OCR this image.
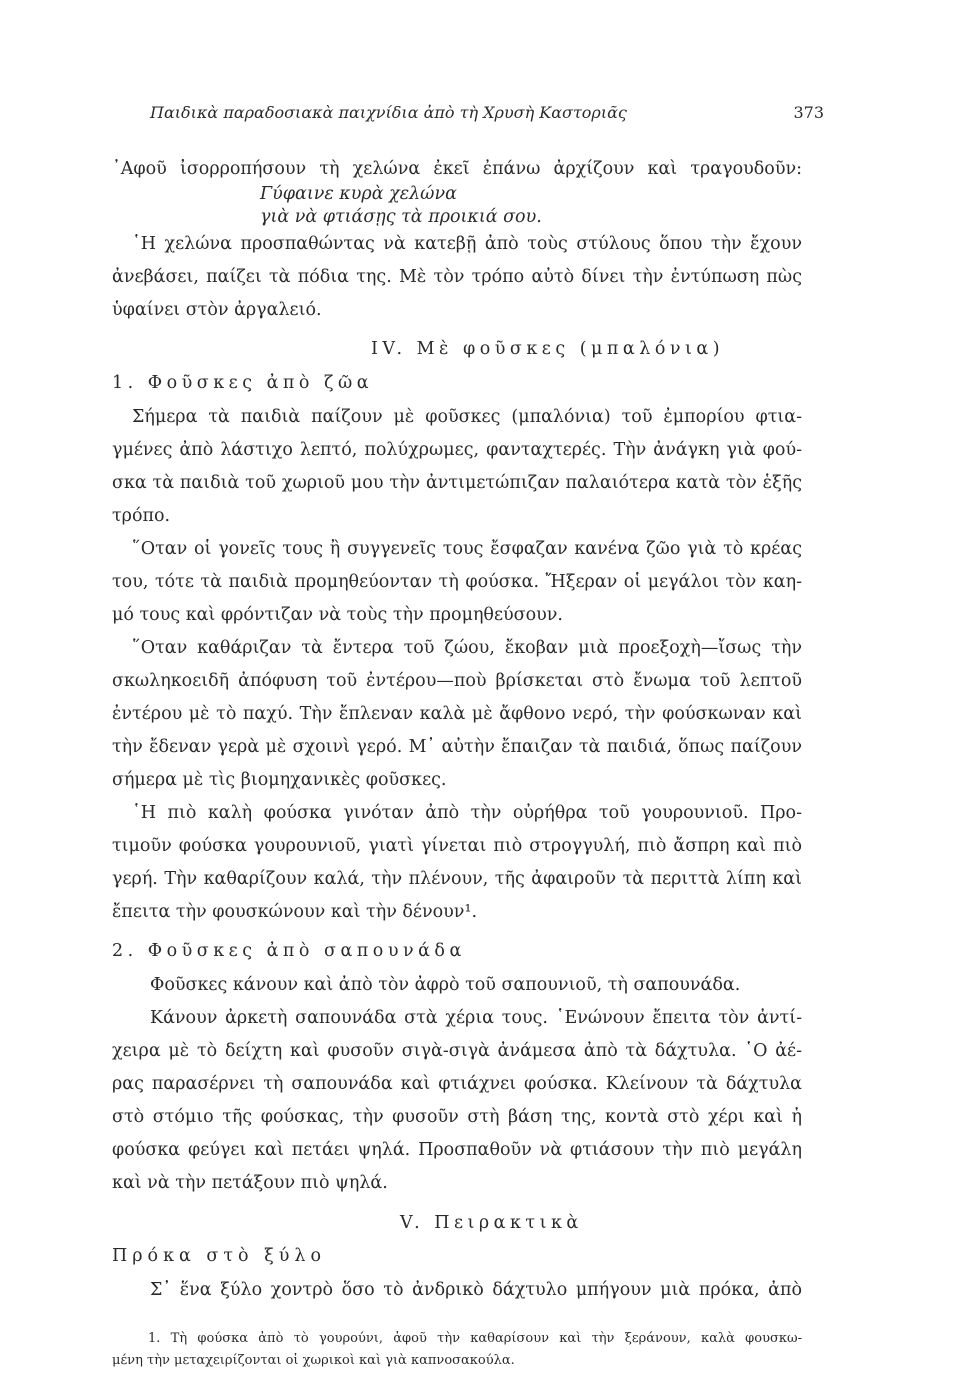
Παιδικὰ παραδοσιακὰ παιχνίδια ἀπὸ τὴ Χρυσὴ Καστοριᾶς	373
᾿Αφοῦ ἰσορροπήσουν τὴ χελώνα ἐκεῖ ἐπάνω ἀρχίζουν καὶ τραγουδοῦν:
Γύφαινε κυρὰ χελώνα
γιὰ νὰ φτιάσῃς τὰ προικιά σου.
῾Η χελώνα προσπαθώντας νὰ κατεβῇ ἀπὸ τοὺς στύλους ὅπου τὴν ἔχουν
ἀνεβάσει, παίζει τὰ πόδια της. Μὲ τὸν τρόπο αὐτὸ δίνει τὴν ἐντύπωση πὼς
ὑφαίνει στὸν ἀργαλειό.
IV. Μὲ φοῦσκες (μπαλόνια)
1. Φοῦσκες ἀπὸ ζῶα
Σήμερα τὰ παιδιὰ παίζουν μὲ φοῦσκες (μπαλόνια) τοῦ ἐμπορίου φτια-
γμένες ἀπὸ λάστιχο λεπτό, πολύχρωμες, φανταχτερές. Τὴν ἀνάγκη γιὰ φού-
σκα τὰ παιδιὰ τοῦ χωριοῦ μου τὴν ἀντιμετώπιζαν παλαιότερα κατὰ τὸν ἑξῆς
τρόπο.
῞Οταν οἱ γονεῖς τους ἢ συγγενεῖς τους ἔσφαζαν κανένα ζῶο γιὰ τὸ κρέας
του, τότε τὰ παιδιὰ προμηθεύονταν τὴ φούσκα. Ἤξεραν οἱ μεγάλοι τὸν καη-
μό τους καὶ φρόντιζαν νὰ τοὺς τὴν προμηθεύσουν.
῞Οταν καθάριζαν τὰ ἔντερα τοῦ ζώου, ἔκοβαν μιὰ προεξοχὴ—ἴσως τὴν
σκωληκοειδῆ ἀπόφυση τοῦ ἐντέρου—ποὺ βρίσκεται στὸ ἔνωμα τοῦ λεπτοῦ
ἐντέρου μὲ τὸ παχύ. Τὴν ἔπλεναν καλὰ μὲ ἄφθονο νερό, τὴν φούσκωναν καὶ
τὴν ἔδεναν γερὰ μὲ σχοινὶ γερό. Μ᾿ αὐτὴν ἔπαιζαν τὰ παιδιά, ὅπως παίζουν
σήμερα μὲ τὶς βιομηχανικὲς φοῦσκες.
῾Η πιὸ καλὴ φούσκα γινόταν ἀπὸ τὴν οὐρήθρα τοῦ γουρουνιοῦ. Προ-
τιμοῦν φούσκα γουρουνιοῦ, γιατὶ γίνεται πιὸ στρογγυλή, πιὸ ἄσπρη καὶ πιὸ
γερή. Τὴν καθαρίζουν καλά, τὴν πλένουν, τῆς ἀφαιροῦν τὰ περιττὰ λίπη καὶ
ἔπειτα τὴν φουσκώνουν καὶ τὴν δένουν¹.
2. Φοῦσκες ἀπὸ σαπουνάδα
Φοῦσκες κάνουν καὶ ἀπὸ τὸν ἀφρὸ τοῦ σαπουνιοῦ, τὴ σαπουνάδα.
Κάνουν ἀρκετὴ σαπουνάδα στὰ χέρια τους. ῾Ενώνουν ἔπειτα τὸν ἀντί-
χειρα μὲ τὸ δείχτη καὶ φυσοῦν σιγὰ-σιγὰ ἀνάμεσα ἀπὸ τὰ δάχτυλα. ῾Ο ἀέ-
ρας παρασέρνει τὴ σαπουνάδα καὶ φτιάχνει φούσκα. Κλείνουν τὰ δάχτυλα
στὸ στόμιο τῆς φούσκας, τὴν φυσοῦν στὴ βάση της, κοντὰ στὸ χέρι καὶ ἡ
φούσκα φεύγει καὶ πετάει ψηλά. Προσπαθοῦν νὰ φτιάσουν τὴν πιὸ μεγάλη
καὶ νὰ τὴν πετάξουν πιὸ ψηλά.
V. Πειρακτικὰ
Πρόκα στὸ ξύλο
Σ᾿ ἕνα ξύλο χοντρὸ ὅσο τὸ ἀνδρικὸ δάχτυλο μπήγουν μιὰ πρόκα, ἀπὸ
1. Τὴ φούσκα ἀπὸ τὸ γουρούνι, ἀφοῦ τὴν καθαρίσουν καὶ τὴν ξεράνουν, καλὰ φουσκω-
μένη τὴν μεταχειρίζονται οἱ χωρικοὶ καὶ γιὰ καπνοσακούλα.
